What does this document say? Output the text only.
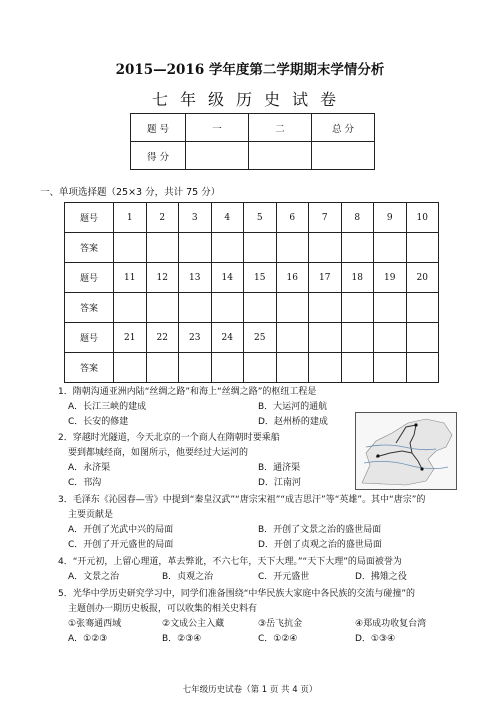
2015—2016 学年度第二学期期末学情分析
七年级历史试卷
题 号	一	二	总 分
得 分			
一、单项选择题（25×3 分，共计 75 分）
题号	1	2	3	4	5	6	7	8	9	10
答案										
题号	11	12	13	14	15	16	17	18	19	20
答案										
题号	21	22	23	24	25					
答案										
1．隋朝沟通亚洲内陆“丝绸之路”和海上“丝绸之路”的枢纽工程是
A．长江三峡的建成	B．大运河的通航
C．长安的修建	D．赵州桥的建成
2．穿越时光隧道，今天北京的一个商人在隋朝时要乘船
要到都城经商，如图所示，他要经过大运河的
A．永济渠	B．通济渠
C．邗沟	D．江南河
3．毛泽东《沁园春—雪》中提到“秦皇汉武”“唐宗宋祖”“成吉思汗”等“英雄”。其中“唐宗”的
主要贡献是
A．开创了光武中兴的局面	B．开创了文景之治的盛世局面
C．开创了开元盛世的局面	D．开创了贞观之治的盛世局面
4．“开元初，上留心理道，革去弊讹，不六七年，天下大理。”“天下大理”的局面被誉为
A．文景之治	B．贞观之治	C．开元盛世	D．拂雉之役
5．光华中学历史研究学习中，同学们准备围绕“中华民族大家庭中各民族的交流与碰撞”的
主题创办一期历史板报，可以收集的相关史料有
①张骞通西域	②文成公主入藏	③岳飞抗金	④郑成功收复台湾
A．①②③	B．②③④	C．①②④	D．①③④
七年级历史试卷（第 1 页 共 4 页）
